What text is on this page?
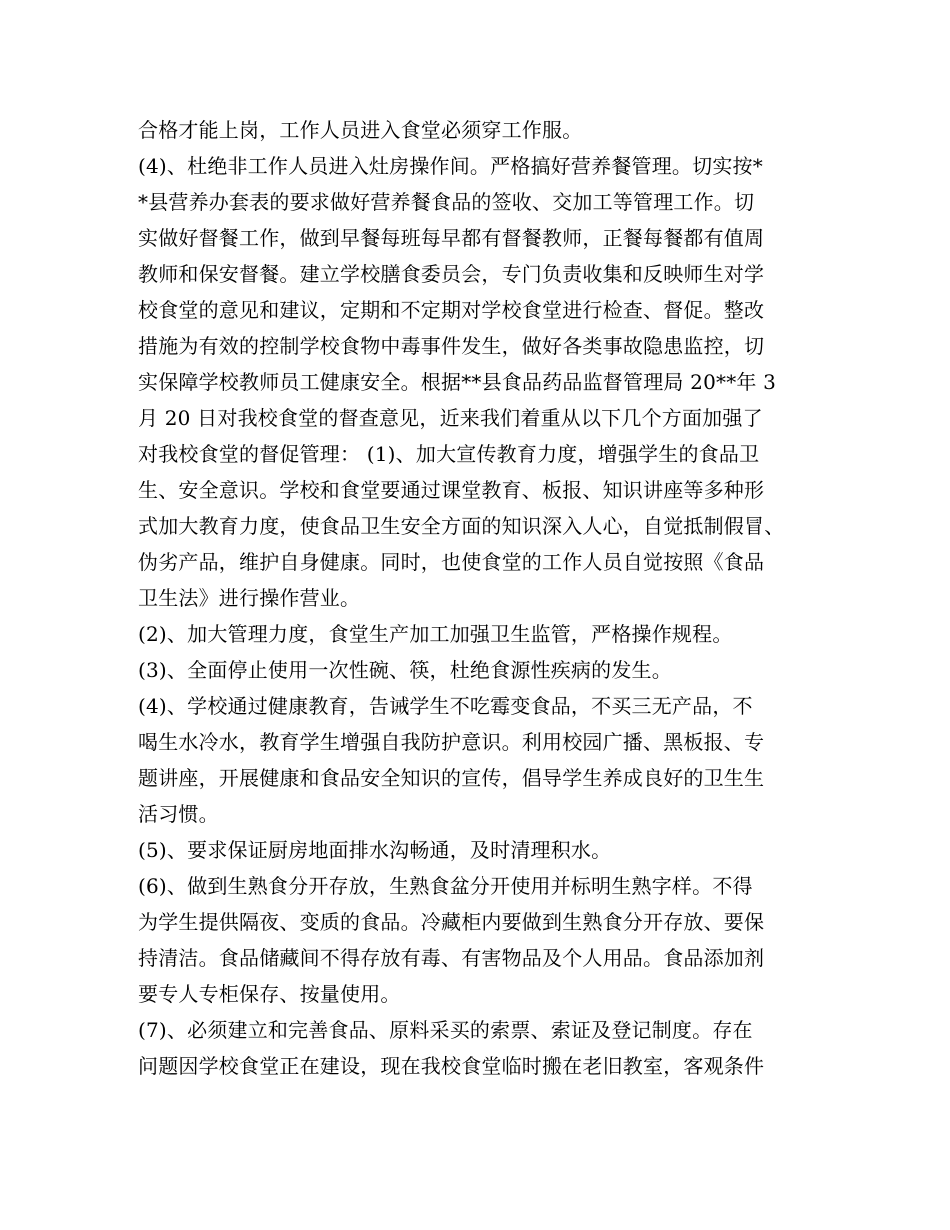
合格才能上岗，工作人员进入食堂必须穿工作服。
(4)、杜绝非工作人员进入灶房操作间。严格搞好营养餐管理。切实按*
*县营养办套表的要求做好营养餐食品的签收、交加工等管理工作。切
实做好督餐工作，做到早餐每班每早都有督餐教师，正餐每餐都有值周
教师和保安督餐。建立学校膳食委员会，专门负责收集和反映师生对学
校食堂的意见和建议，定期和不定期对学校食堂进行检查、督促。整改
措施为有效的控制学校食物中毒事件发生，做好各类事故隐患监控，切
实保障学校教师员工健康安全。根据**县食品药品监督管理局 20**年 3
月 20 日对我校食堂的督查意见，近来我们着重从以下几个方面加强了
对我校食堂的督促管理： (1)、加大宣传教育力度，增强学生的食品卫
生、安全意识。学校和食堂要通过课堂教育、板报、知识讲座等多种形
式加大教育力度，使食品卫生安全方面的知识深入人心，自觉抵制假冒、
伪劣产品，维护自身健康。同时，也使食堂的工作人员自觉按照《食品
卫生法》进行操作营业。
(2)、加大管理力度，食堂生产加工加强卫生监管，严格操作规程。
(3)、全面停止使用一次性碗、筷，杜绝食源性疾病的发生。
(4)、学校通过健康教育，告诫学生不吃霉变食品，不买三无产品，不
喝生水冷水，教育学生增强自我防护意识。利用校园广播、黑板报、专
题讲座，开展健康和食品安全知识的宣传，倡导学生养成良好的卫生生
活习惯。
(5)、要求保证厨房地面排水沟畅通，及时清理积水。
(6)、做到生熟食分开存放，生熟食盆分开使用并标明生熟字样。不得
为学生提供隔夜、变质的食品。冷藏柜内要做到生熟食分开存放、要保
持清洁。食品储藏间不得存放有毒、有害物品及个人用品。食品添加剂
要专人专柜保存、按量使用。
(7)、必须建立和完善食品、原料采买的索票、索证及登记制度。存在
问题因学校食堂正在建设，现在我校食堂临时搬在老旧教室，客观条件
